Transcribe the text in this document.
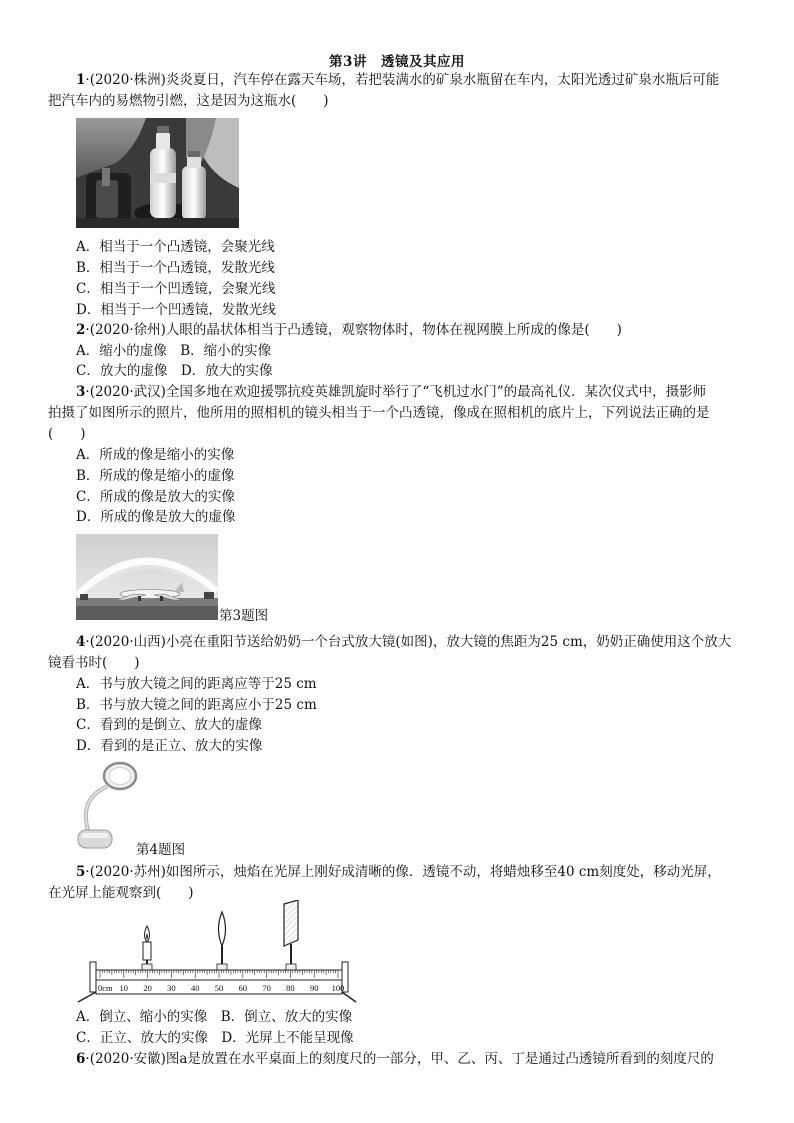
第3讲　透镜及其应用
1·(2020·株洲)炎炎夏日，汽车停在露天车场，若把装满水的矿泉水瓶留在车内，太阳光透过矿泉水瓶后可能
把汽车内的易燃物引燃，这是因为这瓶水(　　)
A．相当于一个凸透镜，会聚光线
B．相当于一个凸透镜，发散光线
C．相当于一个凹透镜，会聚光线
D．相当于一个凹透镜，发散光线
2·(2020·徐州)人眼的晶状体相当于凸透镜，观察物体时，物体在视网膜上所成的像是(　　)
A．缩小的虚像　B．缩小的实像
C．放大的虚像　D．放大的实像
3·(2020·武汉)全国多地在欢迎援鄂抗疫英雄凯旋时举行了“飞机过水门”的最高礼仪．某次仪式中，摄影师
拍摄了如图所示的照片，他所用的照相机的镜头相当于一个凸透镜，像成在照相机的底片上，下列说法正确的是
(　　)
A．所成的像是缩小的实像
B．所成的像是缩小的虚像
C．所成的像是放大的实像
D．所成的像是放大的虚像
第3题图
4·(2020·山西)小亮在重阳节送给奶奶一个台式放大镜(如图)，放大镜的焦距为25 cm，奶奶正确使用这个放大
镜看书时(　　)
A．书与放大镜之间的距离应等于25 cm
B．书与放大镜之间的距离应小于25 cm
C．看到的是倒立、放大的虚像
D．看到的是正立、放大的实像
第4题图
5·(2020·苏州)如图所示，烛焰在光屏上刚好成清晰的像．透镜不动，将蜡烛移至40 cm刻度处，移动光屏，
在光屏上能观察到(　　)
0cm 10 20 30 40 50 60 70 80 90 100
A．倒立、缩小的实像　B．倒立、放大的实像
C．正立、放大的实像　D．光屏上不能呈现像
6·(2020·安徽)图a是放置在水平桌面上的刻度尺的一部分，甲、乙、丙、丁是通过凸透镜所看到的刻度尺的
